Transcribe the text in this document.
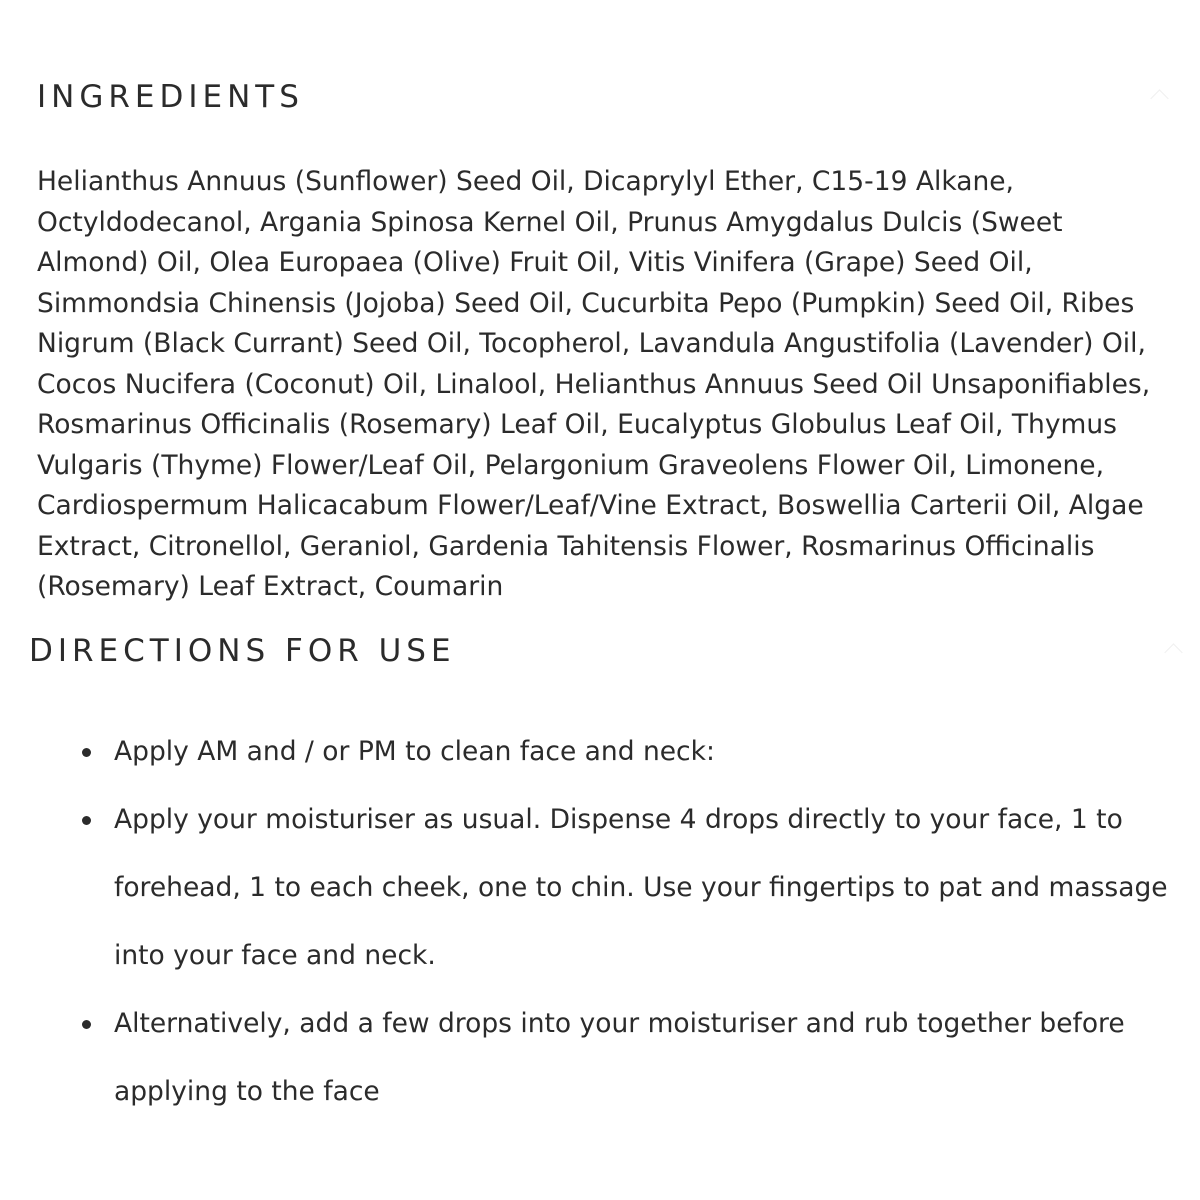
INGREDIENTS

Helianthus Annuus (Sunflower) Seed Oil, Dicaprylyl Ether, C15-19 Alkane, Octyldodecanol, Argania Spinosa Kernel Oil, Prunus Amygdalus Dulcis (Sweet Almond) Oil, Olea Europaea (Olive) Fruit Oil, Vitis Vinifera (Grape) Seed Oil, Simmondsia Chinensis (Jojoba) Seed Oil, Cucurbita Pepo (Pumpkin) Seed Oil, Ribes Nigrum (Black Currant) Seed Oil, Tocopherol, Lavandula Angustifolia (Lavender) Oil, Cocos Nucifera (Coconut) Oil, Linalool, Helianthus Annuus Seed Oil Unsaponifiables, Rosmarinus Officinalis (Rosemary) Leaf Oil, Eucalyptus Globulus Leaf Oil, Thymus Vulgaris (Thyme) Flower/Leaf Oil, Pelargonium Graveolens Flower Oil, Limonene, Cardiospermum Halicacabum Flower/Leaf/Vine Extract, Boswellia Carterii Oil, Algae Extract, Citronellol, Geraniol, Gardenia Tahitensis Flower, Rosmarinus Officinalis (Rosemary) Leaf Extract, Coumarin

DIRECTIONS FOR USE
Apply AM and / or PM to clean face and neck:
Apply your moisturiser as usual. Dispense 4 drops directly to your face, 1 to forehead, 1 to each cheek, one to chin. Use your fingertips to pat and massage into your face and neck.
Alternatively, add a few drops into your moisturiser and rub together before applying to the face
